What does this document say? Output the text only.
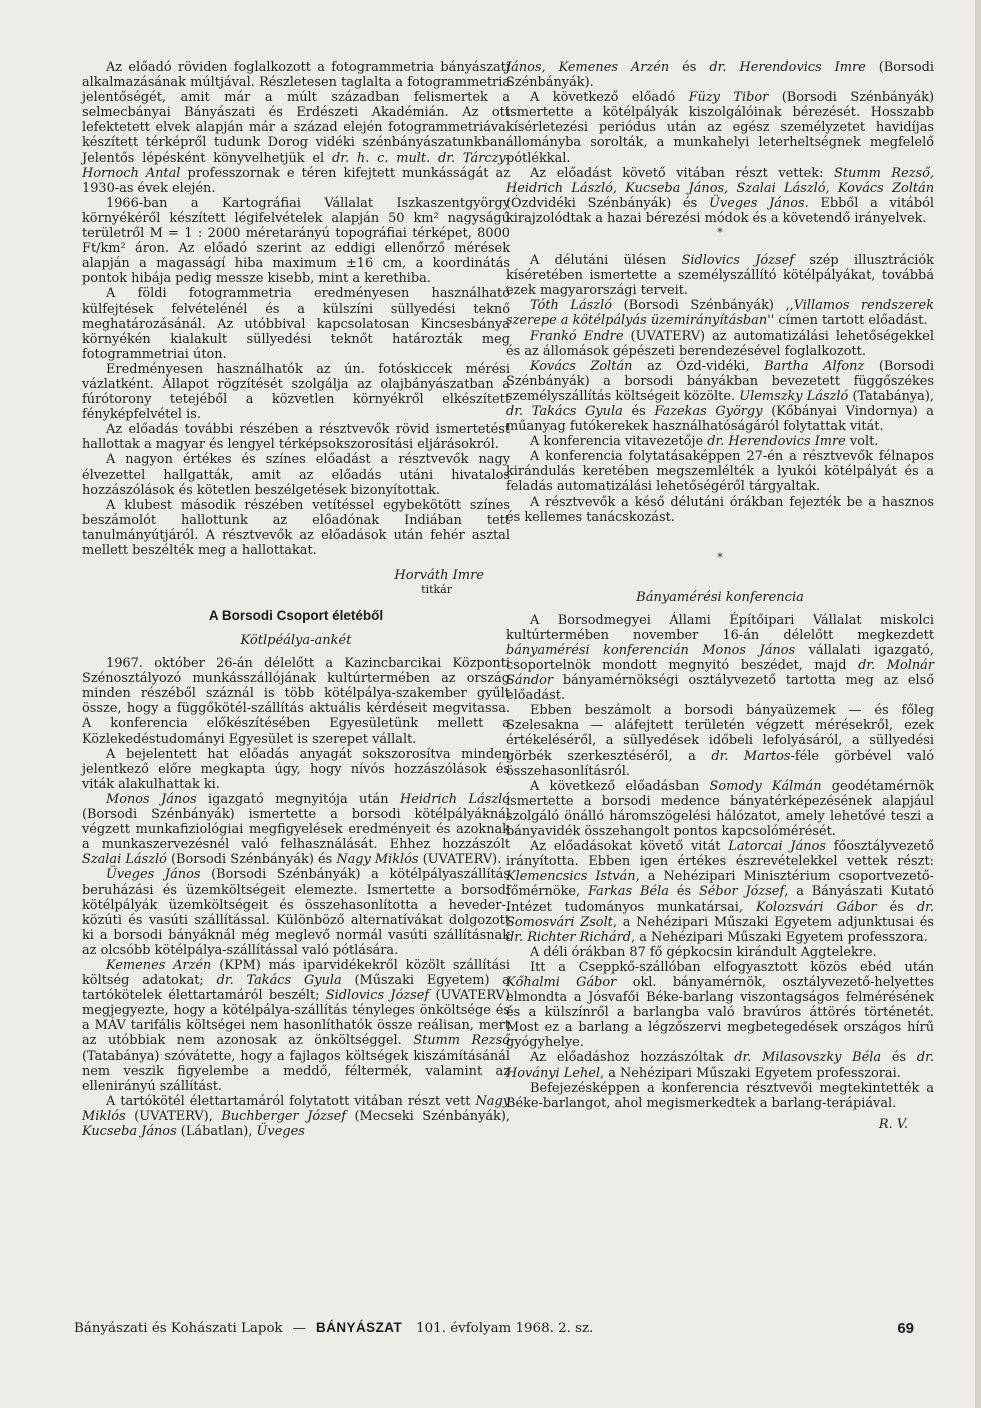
Az előadó röviden foglalkozott a fotogrammetria bányászati alkalmazásának múltjával. Részletesen taglalta a fotogrammetria jelentőségét, amit már a múlt században felismertek a selmecbányai Bányászati és Erdészeti Akadémián. Az ott lefektetett elvek alapján már a század elején fotogrammetriával készített térképről tudunk Dorog vidéki szénbányászatunkban. Jelentős lépésként könyvelhetjük el dr. h. c. mult. dr. Tárczy-Hornoch Antal professzornak e téren kifejtett munkásságát az 1930-as évek elején.

1966-ban a Kartográfiai Vállalat Iszkaszentgyörgy környékéről készített légifelvételek alapján 50 km² nagyságú területről M = 1 : 2000 méretarányú topográfiai térképet, 8000 Ft/km² áron. Az előadó szerint az eddigi ellenőrző mérések alapján a magasságí hiba maximum ±16 cm, a koordinátás pontok hibája pedig messze kisebb, mint a kerethiba.

A földi fotogrammetria eredményesen használható külfejtések felvételénél és a külszíni süllyedési teknő meghatározásánál. Az utóbbival kapcsolatosan Kincsesbánya környékén kialakult süllyedési teknőt határozták meg fotogrammetriai úton.

Eredményesen használhatók az ún. fotóskiccek mérési vázlatként. Állapot rögzítését szolgálja az olajbányászatban a fúrótorony tetejéből a közvetlen környékről elkészített fényképfelvétel is.

Az előadás további részében a résztvevők rövid ismertetést hallottak a magyar és lengyel térképsokszorosítási eljárásokról.

A nagyon értékes és színes előadást a résztvevők nagy élvezettel hallgatták, amit az előadás utáni hivatalos hozzászólások és kötetlen beszélgetések bizonyítottak.

A klubest második részében vetítéssel egybekötött színes beszámolót hallottunk az előadónak Indiában tett tanulmányútjáról. A résztvevők az előadások után fehér asztal mellett beszélték meg a hallottakat.

Horváth Imre
titkár
A Borsodi Csoport életéből
Kötlpéálya-ankét

1967. október 26-án délelőtt a Kazincbarcikai Központi Szénosztályozó munkásszállójának kultúrtermében az ország minden részéből száznál is több kötélpálya-szakember gyűlt össze, hogy a függőkötél-szállítás aktuális kérdéseit megvitassa. A konferencia előkészítésében Egyesületünk mellett a Közlekedéstudományi Egyesület is szerepet vállalt.

A bejelentett hat előadás anyagát sokszorosítva minden jelentkező előre megkapta úgy, hogy nívós hozzászólások és viták alakulhattak ki.

Monos János igazgató megnyitója után Heidrich László (Borsodi Szénbányák) ismertette a borsodi kötélpályáknál végzett munkafiziológiai megfigyelések eredményeit és azoknak a munkaszervezésnél való felhasználását. Ehhez hozzászólt Szalai László (Borsodi Szénbányák) és Nagy Miklós (UVATERV).

Üveges János (Borsodi Szénbányák) a kötélpályaszállítás beruházási és üzemköltségeit elemezte. Ismertette a borsodi kötélpályák üzemköltségeit és összehasonlította a heveder-, közúti és vasúti szállítással. Különböző alternatívákat dolgozott ki a borsodi bányáknál még meglevő normál vasúti szállításnak az olcsóbb kötélpálya-szállítással való pótlására.

Kemenes Arzén (KPM) más iparvidékekről közölt szállítási költség adatokat; dr. Takács Gyula (Műszaki Egyetem) a tartókötelek élettartamáról beszélt; Sidlovics József (UVATERV) megjegyezte, hogy a kötélpálya-szállítás tényleges önköltsége és a MÁV tarifális költségei nem hasonlíthatók össze reálisan, mert az utóbbiak nem azonosak az önköltséggel. Stumm Rezső (Tatabánya) szóvátette, hogy a fajlagos költségek kiszámításánál nem veszik figyelembe a meddő, féltermék, valamint az ellenirányú szállítást.

A tartókötél élettartamáról folytatott vitában részt vett Nagy Miklós (UVATERV), Buchberger József (Mecseki Szénbányák), Kucseba János (Lábatlan), Üveges

János, Kemenes Arzén és dr. Herendovics Imre (Borsodi Szénbányák).

A következő előadó Füzy Tibor (Borsodi Szénbányák) ismertette a kötélpályák kiszolgálóinak bérezését. Hosszabb kísérletezési periódus után az egész személyzetet havidíjas állományba sorolták, a munkahelyi leterheltségnek megfelelő pótlékkal.

Az előadást követő vitában részt vettek: Stumm Rezső, Heidrich László, Kucseba János, Szalai László, Kovács Zoltán (Ózdvidéki Szénbányák) és Üveges János. Ebből a vitából kirajzolódtak a hazai bérezési módok és a követendő irányelvek.

*

A délutáni ülésen Sidlovics József szép illusztrációk kíséretében ismertette a személyszállító kötélpályákat, továbbá ezek magyarországi terveit.

Tóth László (Borsodi Szénbányák) ,,Villamos rendszerek szerepe a kötélpályás üzemirányításban'' címen tartott előadást.

Frankó Endre (UVATERV) az automatizálási lehetőségekkel és az állomások gépészeti berendezésével foglalkozott.

Kovács Zoltán az Ózd-vidéki, Bartha Alfonz (Borsodi Szénbányák) a borsodi bányákban bevezetett függőszékes személyszállítás költségeit közölte. Ulemszky László (Tatabánya), dr. Takács Gyula és Fazekas György (Kőbányai Vindornya) a műanyag futókerekek használhatóságáról folytattak vitát.

A konferencia vitavezetője dr. Herendovics Imre volt.

A konferencia folytatásaképpen 27-én a résztvevők félnapos kirándulás keretében megszemlélték a lyukói kötélpályát és a feladás automatizálási lehetőségéről tárgyaltak.

A résztvevők a késő délutáni órákban fejezték be a hasznos és kellemes tanácskozást.

*
Bányamérési konferencia

A Borsodmegyei Állami Építőipari Vállalat miskolci kultúrtermében november 16-án délelőtt megkezdett bányamérési konferencián Monos János vállalati igazgató, csoportelnök mondott megnyitó beszédet, majd dr. Molnár Sándor bányamérnökségi osztályvezető tartotta meg az első előadást.

Ebben beszámolt a borsodi bányaüzemek — és főleg Szelesakna — aláfejtett területén végzett mérésekről, ezek értékeléséről, a süllyedések időbeli lefolyásáról, a süllyedési görbék szerkesztéséről, a dr. Martos-féle görbével való összehasonlításról.

A következő előadásban Somody Kálmán geodétamérnök ismertette a borsodi medence bányatérképezésének alapjául szolgáló önálló háromszögelési hálózatot, amely lehetővé teszi a bányavidék összehangolt pontos kapcsolómérését.

Az előadásokat követő vitát Latorcai János főosztályvezető irányította. Ebben igen értékes észrevételekkel vettek részt: Klemencsics István, a Nehézipari Minisztérium csoportvezető-főmérnöke, Farkas Béla és Sébor József, a Bányászati Kutató Intézet tudományos munkatársai, Kolozsvári Gábor és dr. Somosvári Zsolt, a Nehézipari Műszaki Egyetem adjunktusai és dr. Richter Richárd, a Nehézipari Műszaki Egyetem professzora.

A déli órákban 87 fő gépkocsin kirándult Aggtelekre.

Itt a Cseppkő-szállóban elfogyasztott közös ebéd után Kőhalmi Gábor okl. bányamérnök, osztályvezető-helyettes elmondta a Jósvafői Béke-barlang viszontagságos felmérésének és a külszínről a barlangba való bravúros áttörés történetét. Most ez a barlang a légzőszervi megbetegedések országos hírű gyógyhelye.

Az előadáshoz hozzászóltak dr. Milasovszky Béla és dr. Hoványi Lehel, a Nehézipari Műszaki Egyetem professzorai.

Befejezésképpen a konferencia résztvevői megtekintették a Béke-barlangot, ahol megismerkedtek a barlang-terápiával.

R. V.
Bányászati és Kohászati Lapok — BÁNYÁSZAT 101. évfolyam 1968. 2. sz.	69
